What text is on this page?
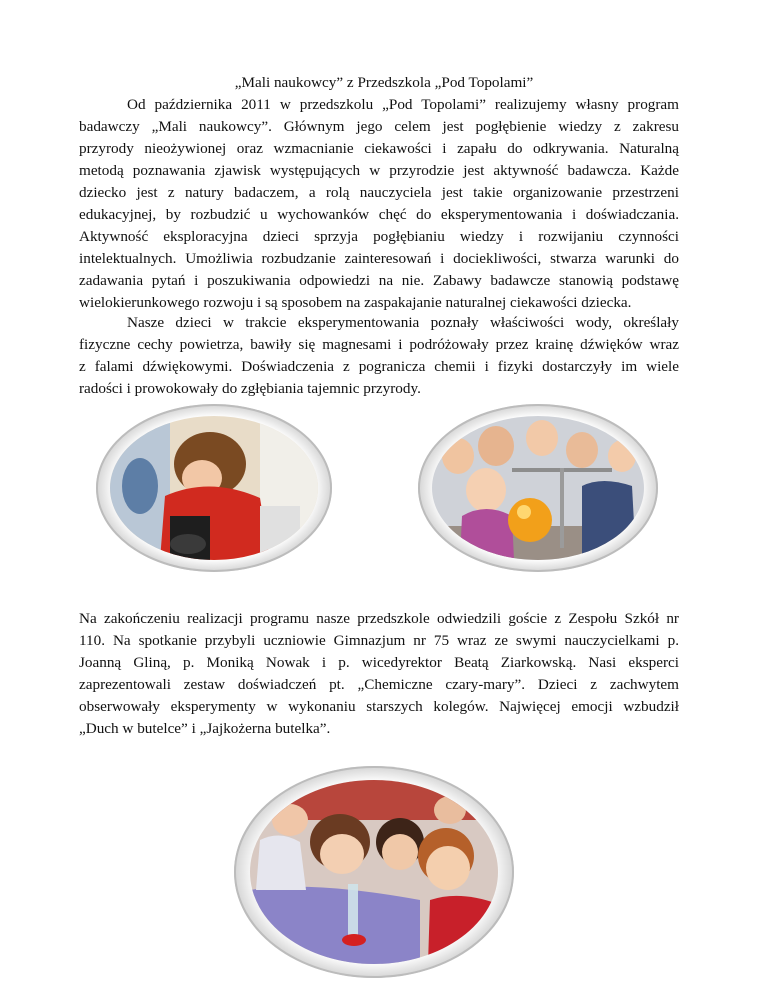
„Mali naukowcy” z Przedszkola „Pod Topolami”
Od października 2011 w przedszkolu „Pod Topolami” realizujemy własny program
badawczy „Mali naukowcy”. Głównym jego celem jest pogłębienie wiedzy z zakresu
przyrody nieożywionej oraz wzmacnianie ciekawości i zapału do odkrywania. Naturalną
metodą poznawania zjawisk występujących w przyrodzie jest aktywność badawcza. Każde
dziecko jest z natury badaczem, a rolą nauczyciela jest takie organizowanie przestrzeni
edukacyjnej, by rozbudzić u wychowanków chęć do eksperymentowania i doświadczania.
Aktywność eksploracyjna dzieci sprzyja pogłębianiu wiedzy i rozwijaniu czynności
intelektualnych. Umożliwia rozbudzanie zainteresowań i dociekliwości, stwarza warunki do
zadawania pytań i poszukiwania odpowiedzi na nie. Zabawy badawcze stanowią podstawę
wielokierunkowego rozwoju i są sposobem na zaspakajanie naturalnej ciekawości dziecka.
Nasze dzieci w trakcie eksperymentowania poznały właściwości wody, określały
fizyczne cechy powietrza, bawiły się magnesami i podróżowały przez krainę dźwięków wraz
z falami dźwiękowymi. Doświadczenia z pogranicza chemii i fizyki dostarczyły im wiele
radości i prowokowały do zgłębiania tajemnic przyrody.
Na zakończeniu realizacji programu nasze przedszkole odwiedzili goście z Zespołu Szkół nr
110. Na spotkanie przybyli uczniowie Gimnazjum nr 75 wraz ze swymi nauczycielkami p.
Joanną Gliną, p. Moniką Nowak i p. wicedyrektor Beatą Ziarkowską. Nasi eksperci
zaprezentowali zestaw doświadczeń pt. „Chemiczne czary-mary”. Dzieci z zachwytem
obserwowały eksperymenty w wykonaniu starszych kolegów. Najwięcej emocji wzbudził
„Duch w butelce” i „Jajkożerna butelka”.
